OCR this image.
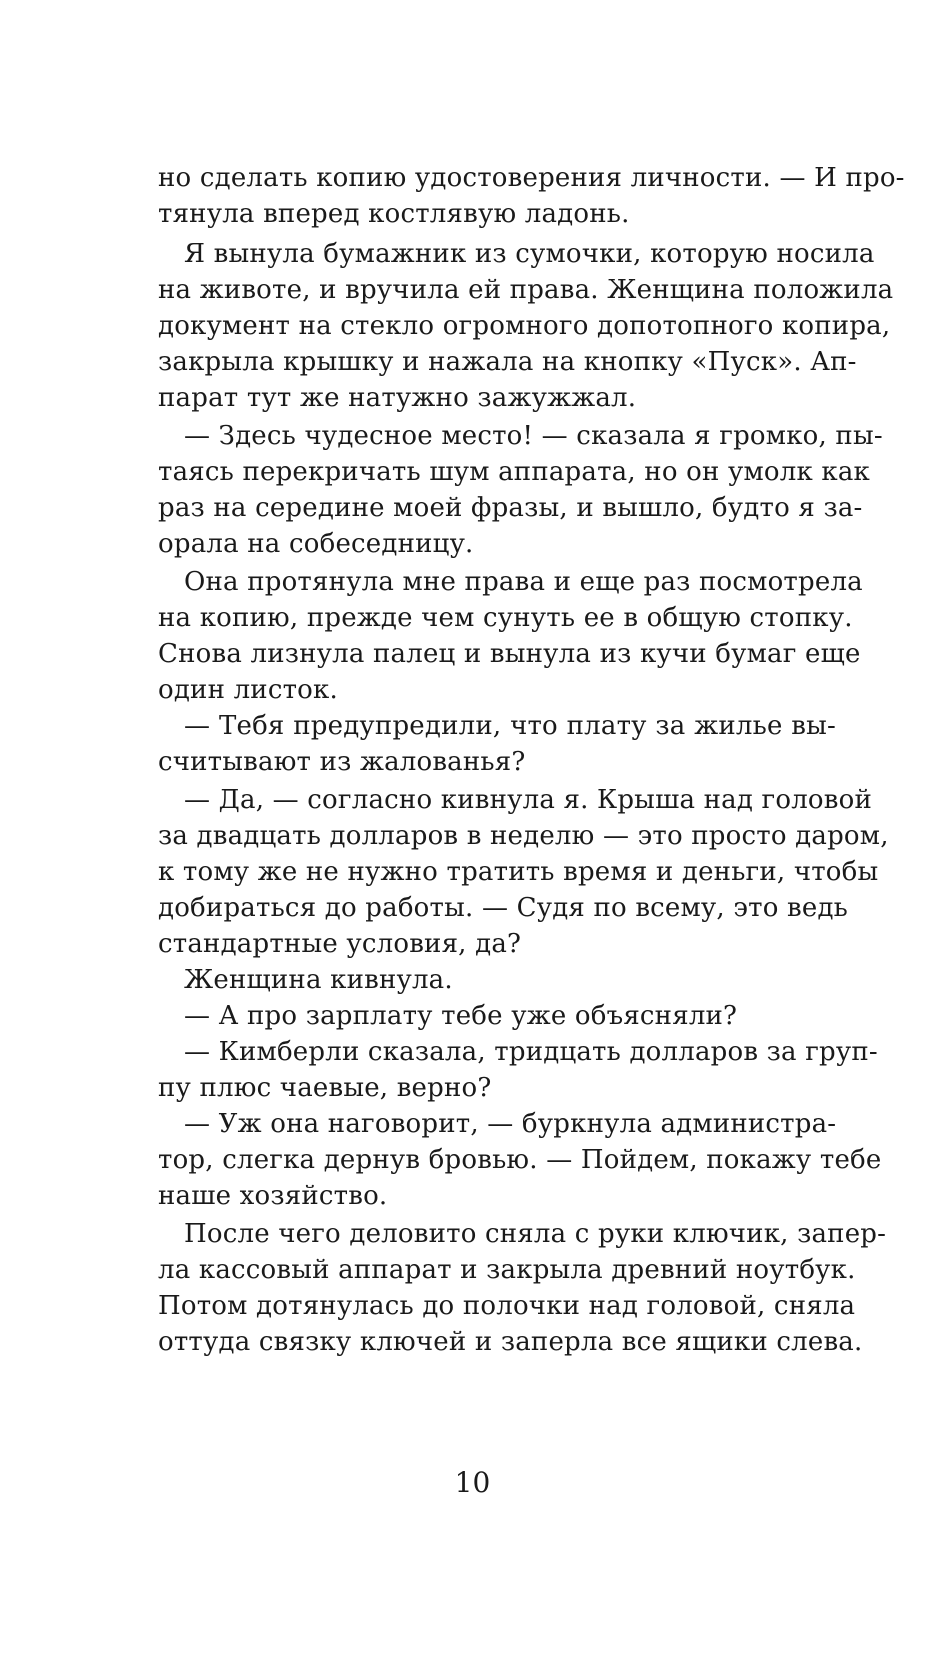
но сделать копию удостоверения личности. — И про-
тянула вперед костлявую ладонь.
Я вынула бумажник из сумочки, которую носила
на животе, и вручила ей права. Женщина положила
документ на стекло огромного допотопного копира,
закрыла крышку и нажала на кнопку «Пуск». Ап-
парат тут же натужно зажужжал.
— Здесь чудесное место! — сказала я громко, пы-
таясь перекричать шум аппарата, но он умолк как
раз на середине моей фразы, и вышло, будто я за-
орала на собеседницу.
Она протянула мне права и еще раз посмотрела
на копию, прежде чем сунуть ее в общую стопку.
Снова лизнула палец и вынула из кучи бумаг еще
один листок.
— Тебя предупредили, что плату за жилье вы-
считывают из жалованья?
— Да, — согласно кивнула я. Крыша над головой
за двадцать долларов в неделю — это просто даром,
к тому же не нужно тратить время и деньги, чтобы
добираться до работы. — Судя по всему, это ведь
стандартные условия, да?
Женщина кивнула.
— А про зарплату тебе уже объясняли?
— Кимберли сказала, тридцать долларов за груп-
пу плюс чаевые, верно?
— Уж она наговорит, — буркнула администра-
тор, слегка дернув бровью. — Пойдем, покажу тебе
наше хозяйство.
После чего деловито сняла с руки ключик, запер-
ла кассовый аппарат и закрыла древний ноутбук.
Потом дотянулась до полочки над головой, сняла
оттуда связку ключей и заперла все ящики слева.
10
